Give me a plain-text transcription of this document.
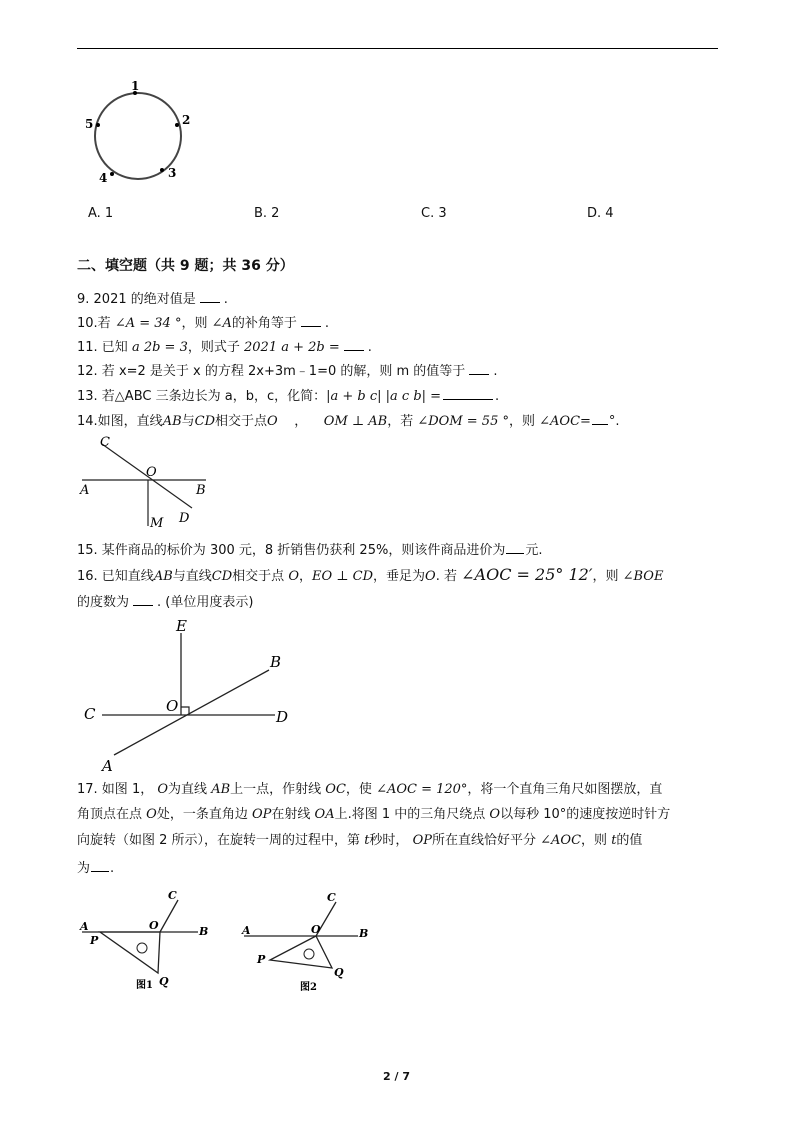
1
2
3
4
5
A. 1	B. 2	C. 3	D. 4
二、填空题（共 9 题；共 36 分）
9. 2021 的绝对值是 .
10.若 ∠A = 34 °，则 ∠A的补角等于 .
11. 已知 a 2b = 3，则式子 2021 a + 2b = .
12. 若 x=2 是关于 x 的方程 2x+3m﹣1=0 的解，则 m 的值等于 .
13. 若△ABC 三条边长为 a，b，c，化简：|a + b c| |a c b| =	.
14.如图，直线AB与CD相交于点O ， OM ⊥ AB，若 ∠DOM = 55 °，则 ∠AOC= °.
C
O
A	B
D
M
15. 某件商品的标价为 300 元，8 折销售仍获利 25%，则该件商品进价为 元.
16. 已知直线AB与直线CD相交于点 O，EO ⊥ CD，垂足为O. 若 ∠AOC = 25° 12′，则 ∠BOE
的度数为 . (单位用度表示)
E
B
C	O
D
A
17. 如图 1， O为直线 AB上一点，作射线 OC，使 ∠AOC = 120°，将一个直角三角尺如图摆放，直
角顶点在点 O处，一条直角边 OP在射线 OA上.将图 1 中的三角尺绕点 O以每秒 10°的速度按逆时针方
向旋转（如图 2 所示），在旋转一周的过程中，第 t秒时， OP所在直线恰好平分 ∠AOC，则 t的值
为 .
C
A	O	B
P
Q
图1
C
A	O	B
P
Q
图2
2 / 7
